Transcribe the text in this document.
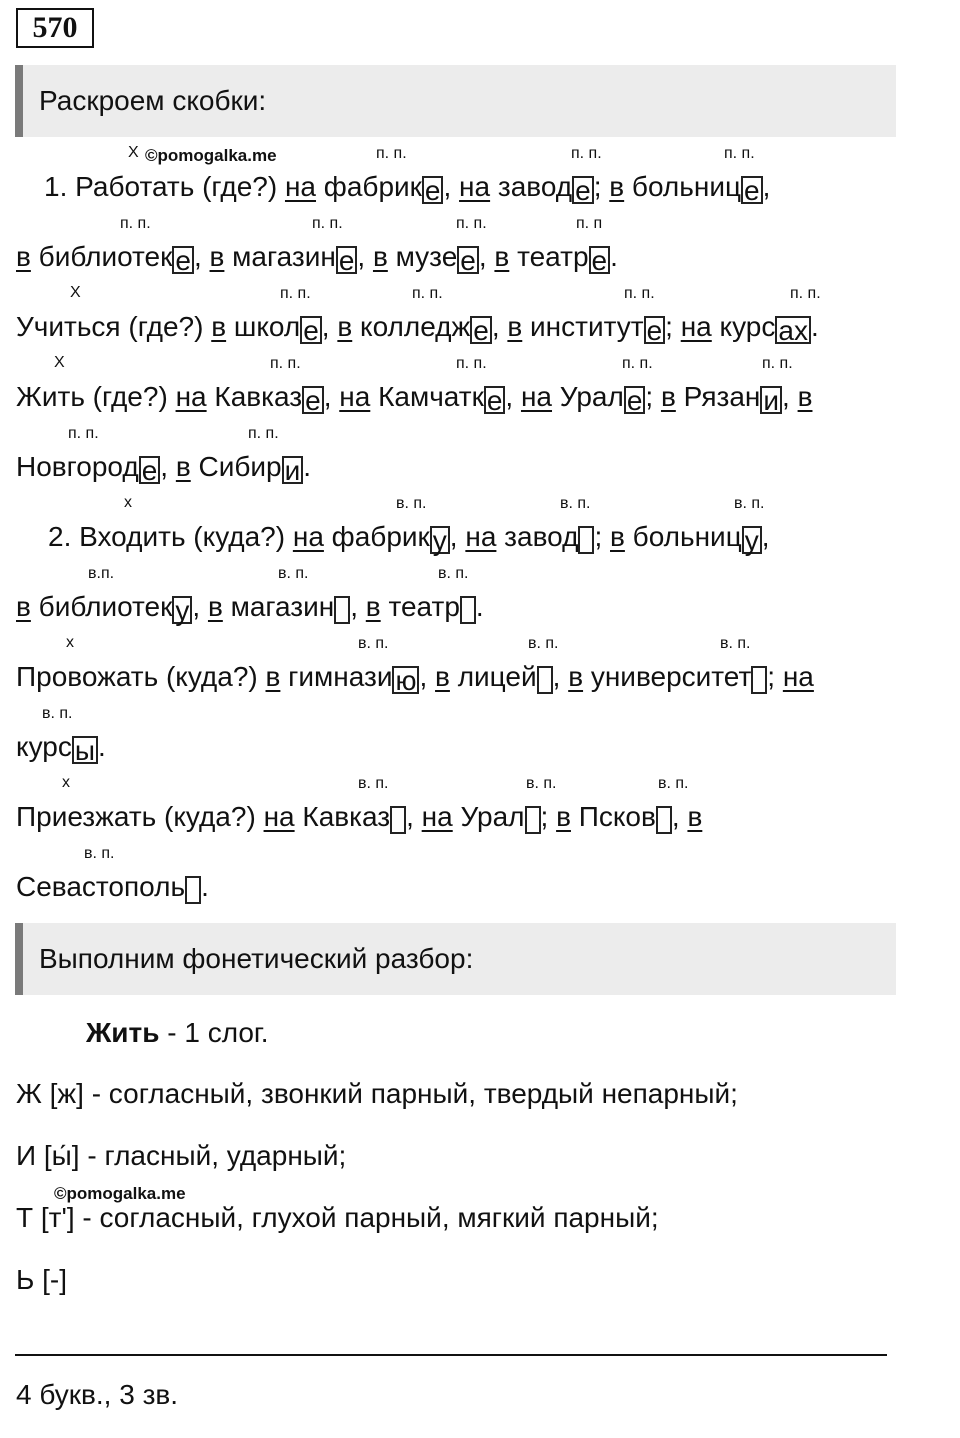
570
Раскроем скобки:
Х ©pomogalka.me	п. п.	п. п.	п. п.
1. Работать (где?) на фабрик е , на завод е ; в больниц е ,
п. п.	п. п.	п. п.	п. п
в библиотек е , в магазин е , в музе е , в театр е .
Х	п. п.	п. п.	п. п.	п. п.
Учиться (где?) в школ е , в колледж е , в институт е ; на курс ах .
Х	п. п.	п. п.	п. п.	п. п.
Жить (где?) на Кавказ е , на Камчатк е , на Урал е ; в Рязан и , в
п. п.	п. п.
Новгород е , в Сибир и .
х	в. п.	в. п.	в. п.
2. Входить (куда?) на фабрик у , на завод ; в больниц у ,
в.п.	в. п.	в. п.
в библиотек у , в магазин , в театр .
х	в. п.	в. п.	в. п.
Провожать (куда?) в гимнази ю , в лицей , в университет ; на
в. п.
курс ы .
х	в. п.	в. п.	в. п.
Приезжать (куда?) на Кавказ , на Урал ; в Псков , в
в. п.
Севастополь .
Выполним фонетический разбор:
Жить - 1 слог.
Ж [ж] - согласный, звонкий парный, твердый непарный;
И [ы́] - гласный, ударный;
©pomogalka.me
Т [т'] - согласный, глухой парный, мягкий парный;
Ь [-]
4 букв., 3 зв.
